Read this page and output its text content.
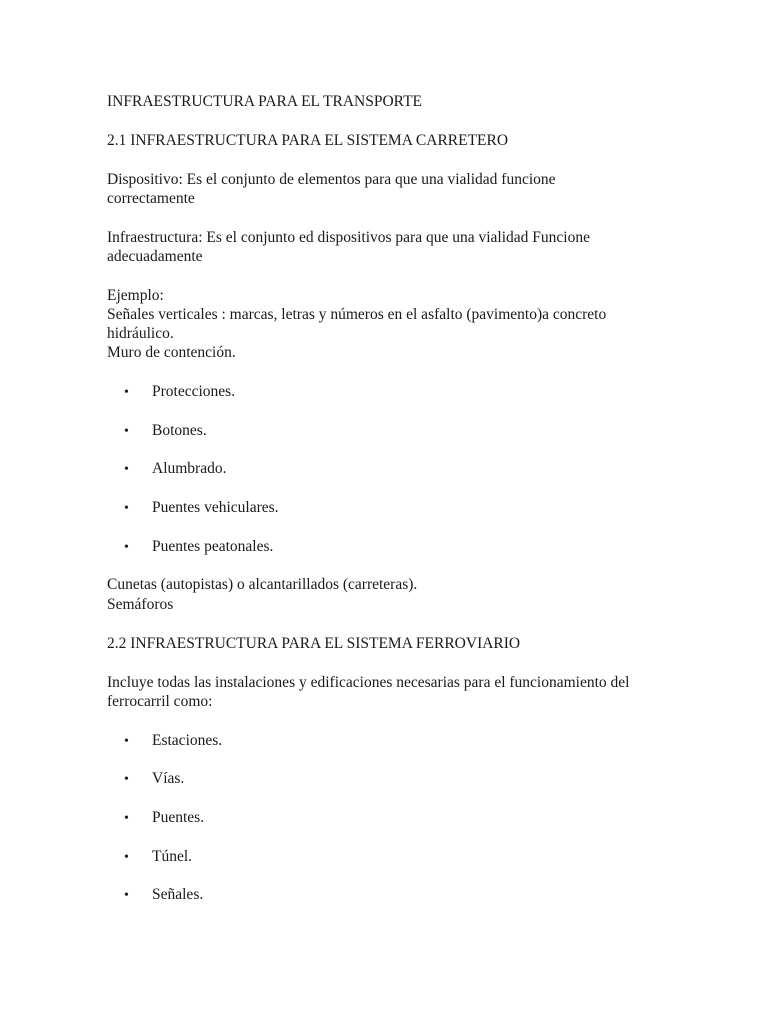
INFRAESTRUCTURA PARA EL TRANSPORTE
2.1 INFRAESTRUCTURA PARA EL SISTEMA CARRETERO
Dispositivo: Es el conjunto de elementos para que una vialidad funcione
correctamente
Infraestructura: Es el conjunto ed dispositivos para que una vialidad Funcione
adecuadamente
Ejemplo:
Señales verticales : marcas, letras y números en el asfalto (pavimento)a concreto
hidráulico.
Muro de contención.
• Protecciones.
• Botones.
• Alumbrado.
• Puentes vehiculares.
• Puentes peatonales.
Cunetas (autopistas) o alcantarillados (carreteras).
Semáforos
2.2 INFRAESTRUCTURA PARA EL SISTEMA FERROVIARIO
Incluye todas las instalaciones y edificaciones necesarias para el funcionamiento del
ferrocarril como:
• Estaciones.
• Vías.
• Puentes.
• Túnel.
• Señales.
